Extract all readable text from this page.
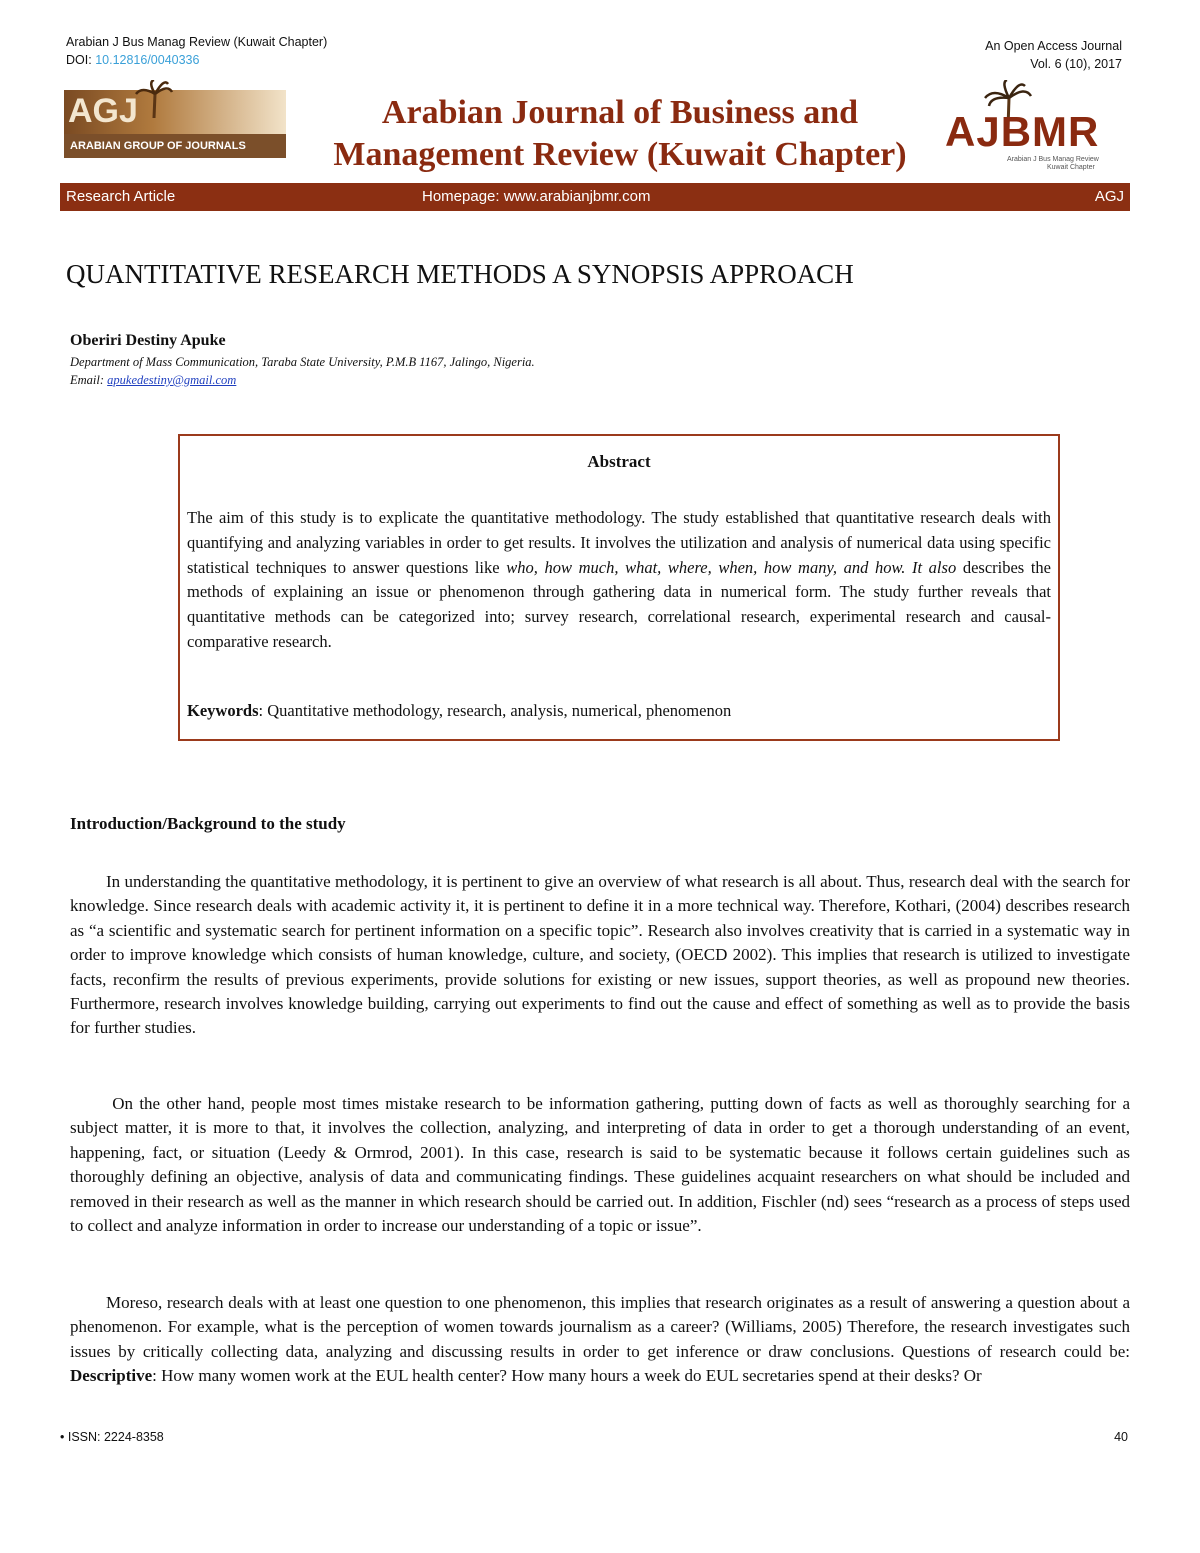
Arabian J Bus Manag Review (Kuwait Chapter)
DOI: 10.12816/0040336
An Open Access Journal
Vol. 6 (10), 2017
AGJ
ARABIAN GROUP OF JOURNALS
Arabian Journal of Business and
Management Review (Kuwait Chapter) AJBMR
Arabian J Bus Manag Review
Kuwait Chapter
Research Article	Homepage: www.arabianjbmr.com	AGJ
QUANTITATIVE RESEARCH METHODS A SYNOPSIS APPROACH
Oberiri Destiny Apuke
Department of Mass Communication, Taraba State University, P.M.B 1167, Jalingo, Nigeria.
Email: apukedestiny@gmail.com
Abstract
The aim of this study is to explicate the quantitative methodology. The study established that quantitative research deals with quantifying and analyzing variables in order to get results. It involves the utilization and analysis of numerical data using specific statistical techniques to answer questions like who, how much, what, where, when, how many, and how. It also describes the methods of explaining an issue or phenomenon through gathering data in numerical form. The study further reveals that quantitative methods can be categorized into; survey research, correlational research, experimental research and causal-comparative research.
Keywords: Quantitative methodology, research, analysis, numerical, phenomenon
Introduction/Background to the study
In understanding the quantitative methodology, it is pertinent to give an overview of what research is all about. Thus, research deal with the search for knowledge. Since research deals with academic activity it, it is pertinent to define it in a more technical way. Therefore, Kothari, (2004) describes research as “a scientific and systematic search for pertinent information on a specific topic”. Research also involves creativity that is carried in a systematic way in order to improve knowledge which consists of human knowledge, culture, and society, (OECD 2002). This implies that research is utilized to investigate facts, reconfirm the results of previous experiments, provide solutions for existing or new issues, support theories, as well as propound new theories. Furthermore, research involves knowledge building, carrying out experiments to find out the cause and effect of something as well as to provide the basis for further studies.
On the other hand, people most times mistake research to be information gathering, putting down of facts as well as thoroughly searching for a subject matter, it is more to that, it involves the collection, analyzing, and interpreting of data in order to get a thorough understanding of an event, happening, fact, or situation (Leedy & Ormrod, 2001). In this case, research is said to be systematic because it follows certain guidelines such as thoroughly defining an objective, analysis of data and communicating findings. These guidelines acquaint researchers on what should be included and removed in their research as well as the manner in which research should be carried out. In addition, Fischler (nd) sees “research as a process of steps used to collect and analyze information in order to increase our understanding of a topic or issue”.
Moreso, research deals with at least one question to one phenomenon, this implies that research originates as a result of answering a question about a phenomenon. For example, what is the perception of women towards journalism as a career? (Williams, 2005) Therefore, the research investigates such issues by critically collecting data, analyzing and discussing results in order to get inference or draw conclusions. Questions of research could be: Descriptive: How many women work at the EUL health center? How many hours a week do EUL secretaries spend at their desks? Or
• ISSN: 2224-8358	40
